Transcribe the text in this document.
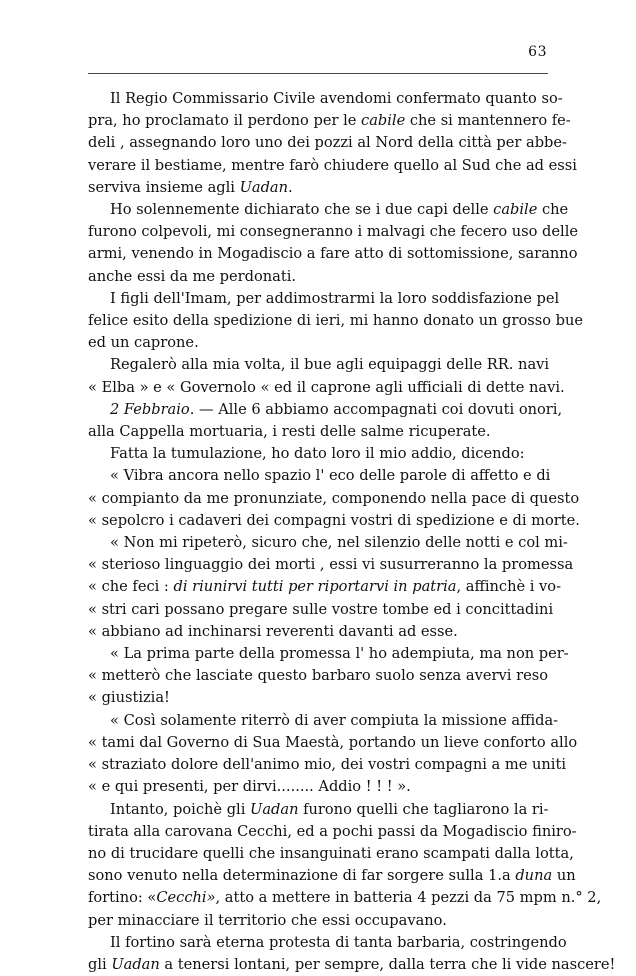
63
Il Regio Commissario Civile avendomi confermato quanto so-
pra, ho proclamato il perdono per le cabile che si mantennero fe-
deli , assegnando loro uno dei pozzi al Nord della città per abbe-
verare il bestiame, mentre farò chiudere quello al Sud che ad essi
serviva insieme agli Uadan.
Ho solennemente dichiarato che se i due capi delle cabile che
furono colpevoli, mi consegneranno i malvagi che fecero uso delle
armi, venendo in Mogadiscio a fare atto di sottomissione, saranno
anche essi da me perdonati.
I figli dell'Imam, per addimostrarmi la loro soddisfazione pel
felice esito della spedizione di ieri, mi hanno donato un grosso bue
ed un caprone.
Regalerò alla mia volta, il bue agli equipaggi delle RR. navi
« Elba » e « Governolo « ed il caprone agli ufficiali di dette navi.
2 Febbraio. — Alle 6 abbiamo accompagnati coi dovuti onori,
alla Cappella mortuaria, i resti delle salme ricuperate.
Fatta la tumulazione, ho dato loro il mio addio, dicendo:
« Vibra ancora nello spazio l' eco delle parole di affetto e di
« compianto da me pronunziate, componendo nella pace di questo
« sepolcro i cadaveri dei compagni vostri di spedizione e di morte.
« Non mi ripeterò, sicuro che, nel silenzio delle notti e col mi-
« sterioso linguaggio dei morti , essi vi susurreranno la promessa
« che feci : di riunirvi tutti per riportarvi in patria, affinchè i vo-
« stri cari possano pregare sulle vostre tombe ed i concittadini
« abbiano ad inchinarsi reverenti davanti ad esse.
« La prima parte della promessa l' ho adempiuta, ma non per-
« metterò che lasciate questo barbaro suolo senza avervi reso
« giustizia!
« Così solamente riterrò di aver compiuta la missione affida-
« tami dal Governo di Sua Maestà, portando un lieve conforto allo
« straziato dolore dell'animo mio, dei vostri compagni a me uniti
« e qui presenti, per dirvi........ Addio ! ! ! ».
Intanto, poichè gli Uadan furono quelli che tagliarono la ri-
tirata alla carovana Cecchi, ed a pochi passi da Mogadiscio finiro-
no di trucidare quelli che insanguinati erano scampati dalla lotta,
sono venuto nella determinazione di far sorgere sulla 1.a duna un
fortino: «Cecchi», atto a mettere in batteria 4 pezzi da 75 mpm n.° 2,
per minacciare il territorio che essi occupavano.
Il fortino sarà eterna protesta di tanta barbaria, costringendo
gli Uadan a tenersi lontani, per sempre, dalla terra che li vide nascere!
